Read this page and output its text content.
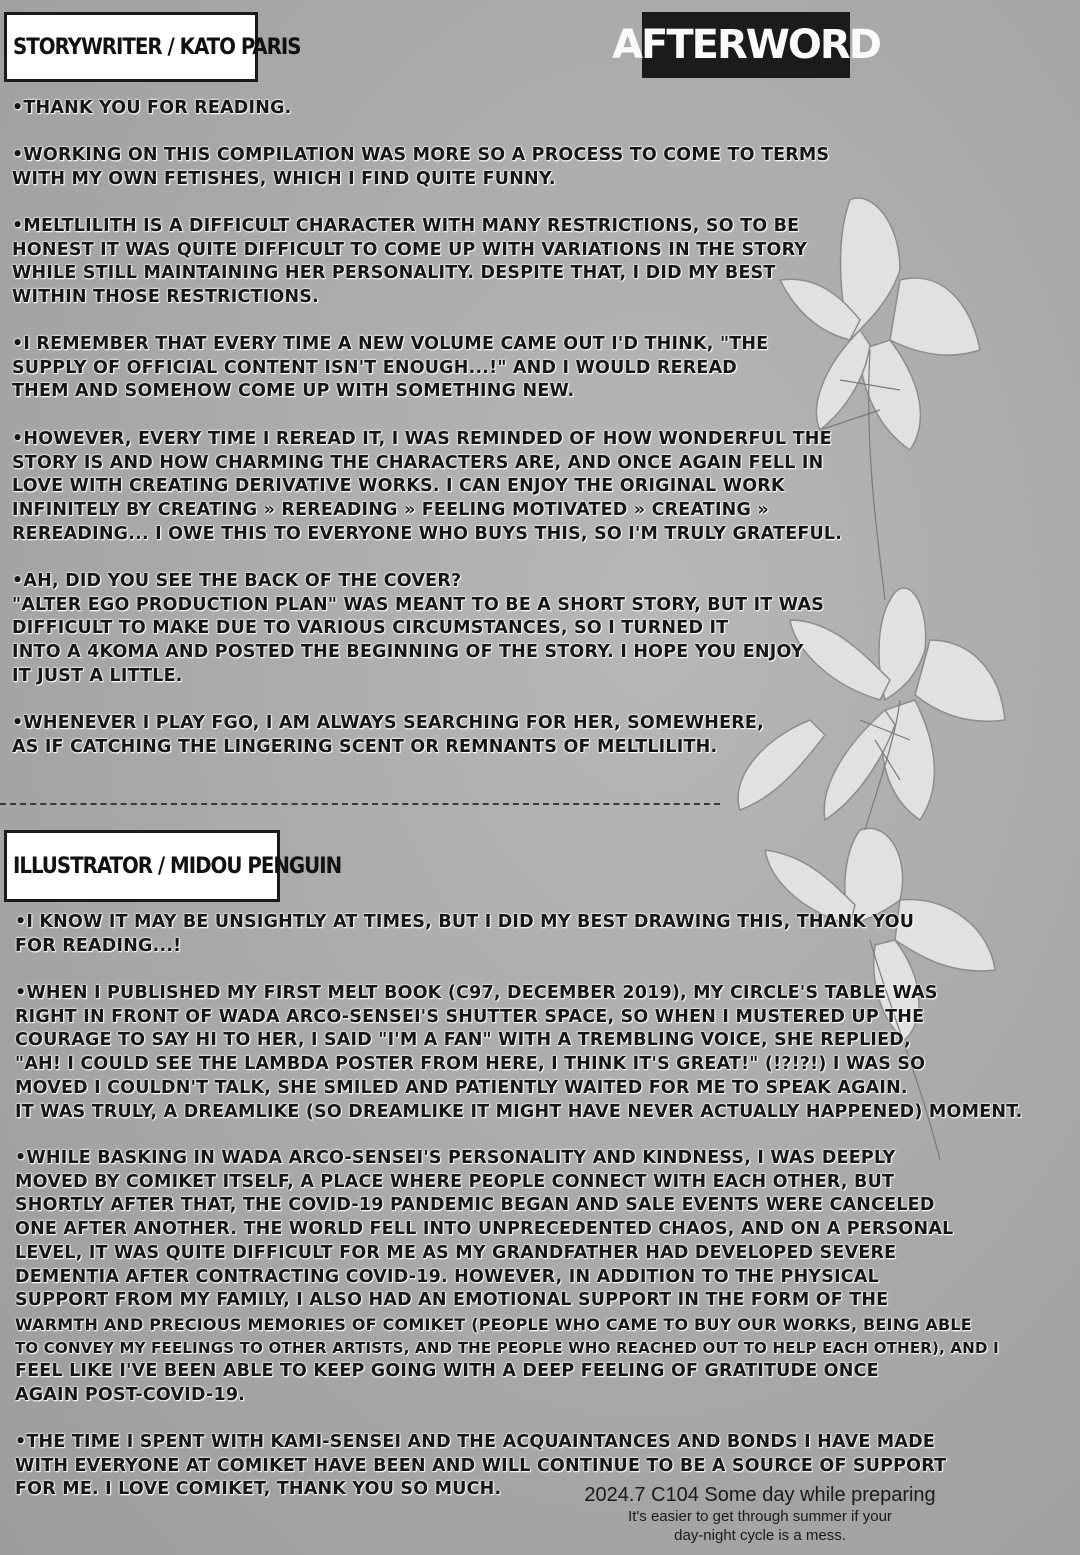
STORYWRITER / KATO PARIS	AFTERWORD
•THANK YOU FOR READING.
•WORKING ON THIS COMPILATION WAS MORE SO A PROCESS TO COME TO TERMS
WITH MY OWN FETISHES, WHICH I FIND QUITE FUNNY.
•MELTLILITH IS A DIFFICULT CHARACTER WITH MANY RESTRICTIONS, SO TO BE
HONEST IT WAS QUITE DIFFICULT TO COME UP WITH VARIATIONS IN THE STORY
WHILE STILL MAINTAINING HER PERSONALITY. DESPITE THAT, I DID MY BEST
WITHIN THOSE RESTRICTIONS.
•I REMEMBER THAT EVERY TIME A NEW VOLUME CAME OUT I'D THINK, "THE
SUPPLY OF OFFICIAL CONTENT ISN'T ENOUGH...!" AND I WOULD REREAD
THEM AND SOMEHOW COME UP WITH SOMETHING NEW.
•HOWEVER, EVERY TIME I REREAD IT, I WAS REMINDED OF HOW WONDERFUL THE
STORY IS AND HOW CHARMING THE CHARACTERS ARE, AND ONCE AGAIN FELL IN
LOVE WITH CREATING DERIVATIVE WORKS. I CAN ENJOY THE ORIGINAL WORK
INFINITELY BY CREATING » REREADING » FEELING MOTIVATED » CREATING »
REREADING... I OWE THIS TO EVERYONE WHO BUYS THIS, SO I'M TRULY GRATEFUL.
•AH, DID YOU SEE THE BACK OF THE COVER?
"ALTER EGO PRODUCTION PLAN" WAS MEANT TO BE A SHORT STORY, BUT IT WAS
DIFFICULT TO MAKE DUE TO VARIOUS CIRCUMSTANCES, SO I TURNED IT
INTO A 4KOMA AND POSTED THE BEGINNING OF THE STORY. I HOPE YOU ENJOY
IT JUST A LITTLE.
•WHENEVER I PLAY FGO, I AM ALWAYS SEARCHING FOR HER, SOMEWHERE,
AS IF CATCHING THE LINGERING SCENT OR REMNANTS OF MELTLILITH.
ILLUSTRATOR / MIDOU PENGUIN
•I KNOW IT MAY BE UNSIGHTLY AT TIMES, BUT I DID MY BEST DRAWING THIS, THANK YOU
FOR READING...!
•WHEN I PUBLISHED MY FIRST MELT BOOK (C97, DECEMBER 2019), MY CIRCLE'S TABLE WAS
RIGHT IN FRONT OF WADA ARCO-SENSEI'S SHUTTER SPACE, SO WHEN I MUSTERED UP THE
COURAGE TO SAY HI TO HER, I SAID "I'M A FAN" WITH A TREMBLING VOICE, SHE REPLIED,
"AH! I COULD SEE THE LAMBDA POSTER FROM HERE, I THINK IT'S GREAT!" (!?!?!) I WAS SO
MOVED I COULDN'T TALK, SHE SMILED AND PATIENTLY WAITED FOR ME TO SPEAK AGAIN.
IT WAS TRULY, A DREAMLIKE (SO DREAMLIKE IT MIGHT HAVE NEVER ACTUALLY HAPPENED) MOMENT.
•WHILE BASKING IN WADA ARCO-SENSEI'S PERSONALITY AND KINDNESS, I WAS DEEPLY
MOVED BY COMIKET ITSELF, A PLACE WHERE PEOPLE CONNECT WITH EACH OTHER, BUT
SHORTLY AFTER THAT, THE COVID-19 PANDEMIC BEGAN AND SALE EVENTS WERE CANCELED
ONE AFTER ANOTHER. THE WORLD FELL INTO UNPRECEDENTED CHAOS, AND ON A PERSONAL
LEVEL, IT WAS QUITE DIFFICULT FOR ME AS MY GRANDFATHER HAD DEVELOPED SEVERE
DEMENTIA AFTER CONTRACTING COVID-19. HOWEVER, IN ADDITION TO THE PHYSICAL
SUPPORT FROM MY FAMILY, I ALSO HAD AN EMOTIONAL SUPPORT IN THE FORM OF THE
WARMTH AND PRECIOUS MEMORIES OF COMIKET (PEOPLE WHO CAME TO BUY OUR WORKS, BEING ABLE
TO CONVEY MY FEELINGS TO OTHER ARTISTS, AND THE PEOPLE WHO REACHED OUT TO HELP EACH OTHER), AND I
FEEL LIKE I'VE BEEN ABLE TO KEEP GOING WITH A DEEP FEELING OF GRATITUDE ONCE
AGAIN POST-COVID-19.
•THE TIME I SPENT WITH KAMI-SENSEI AND THE ACQUAINTANCES AND BONDS I HAVE MADE
WITH EVERYONE AT COMIKET HAVE BEEN AND WILL CONTINUE TO BE A SOURCE OF SUPPORT
FOR ME. I LOVE COMIKET, THANK YOU SO MUCH.	2024.7 C104 Some day while preparing
It's easier to get through summer if your
day-night cycle is a mess.
